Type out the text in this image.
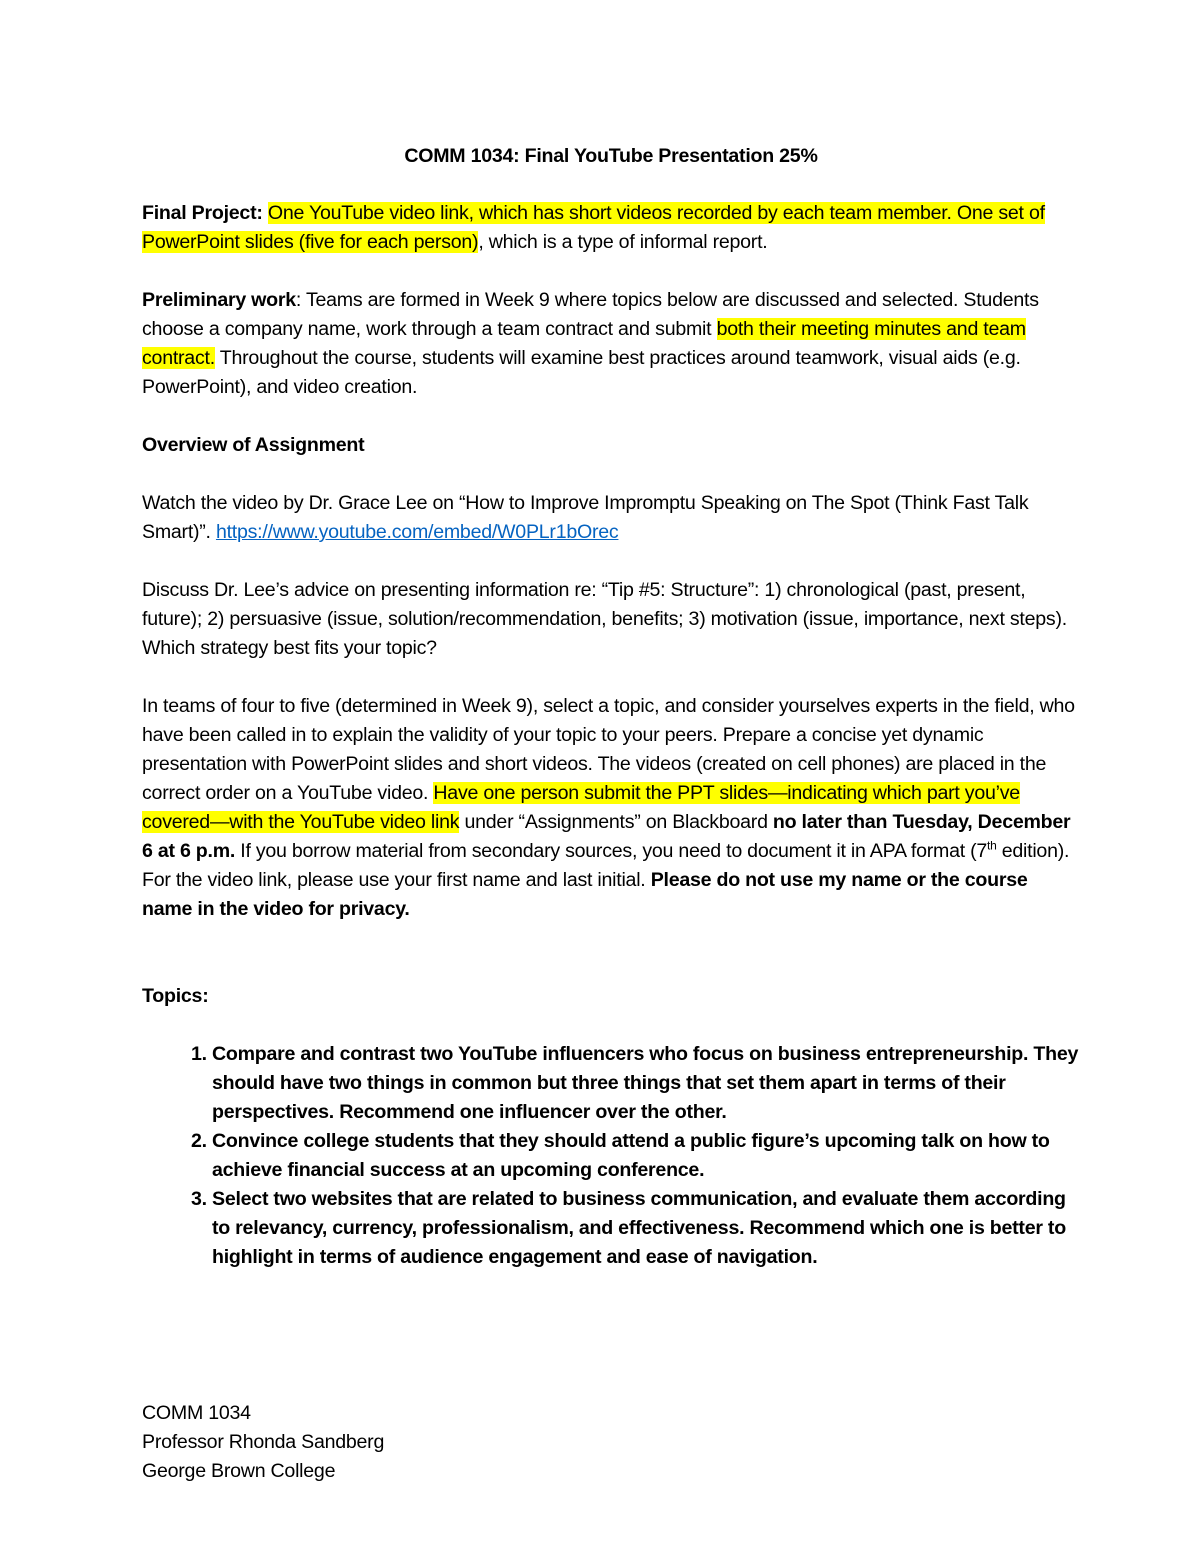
COMM 1034: Final YouTube Presentation 25%

Final Project: One YouTube video link, which has short videos recorded by each team member. One set of PowerPoint slides (five for each person), which is a type of informal report.

Preliminary work: Teams are formed in Week 9 where topics below are discussed and selected. Students choose a company name, work through a team contract and submit both their meeting minutes and team contract. Throughout the course, students will examine best practices around teamwork, visual aids (e.g. PowerPoint), and video creation.

Overview of Assignment

Watch the video by Dr. Grace Lee on “How to Improve Impromptu Speaking on The Spot (Think Fast Talk Smart)”. https://www.youtube.com/embed/W0PLr1bOrec

Discuss Dr. Lee’s advice on presenting information re: “Tip #5: Structure”: 1) chronological (past, present, future); 2) persuasive (issue, solution/recommendation, benefits; 3) motivation (issue, importance, next steps). Which strategy best fits your topic?

In teams of four to five (determined in Week 9), select a topic, and consider yourselves experts in the field, who have been called in to explain the validity of your topic to your peers. Prepare a concise yet dynamic presentation with PowerPoint slides and short videos. The videos (created on cell phones) are placed in the correct order on a YouTube video. Have one person submit the PPT slides—indicating which part you’ve covered—with the YouTube video link under “Assignments” on Blackboard no later than Tuesday, December 6 at 6 p.m. If you borrow material from secondary sources, you need to document it in APA format (7th edition). For the video link, please use your first name and last initial. Please do not use my name or the course name in the video for privacy.

Topics:

1. Compare and contrast two YouTube influencers who focus on business entrepreneurship. They should have two things in common but three things that set them apart in terms of their perspectives. Recommend one influencer over the other.
2. Convince college students that they should attend a public figure’s upcoming talk on how to achieve financial success at an upcoming conference.
3. Select two websites that are related to business communication, and evaluate them according to relevancy, currency, professionalism, and effectiveness. Recommend which one is better to highlight in terms of audience engagement and ease of navigation.
COMM 1034
Professor Rhonda Sandberg
George Brown College
